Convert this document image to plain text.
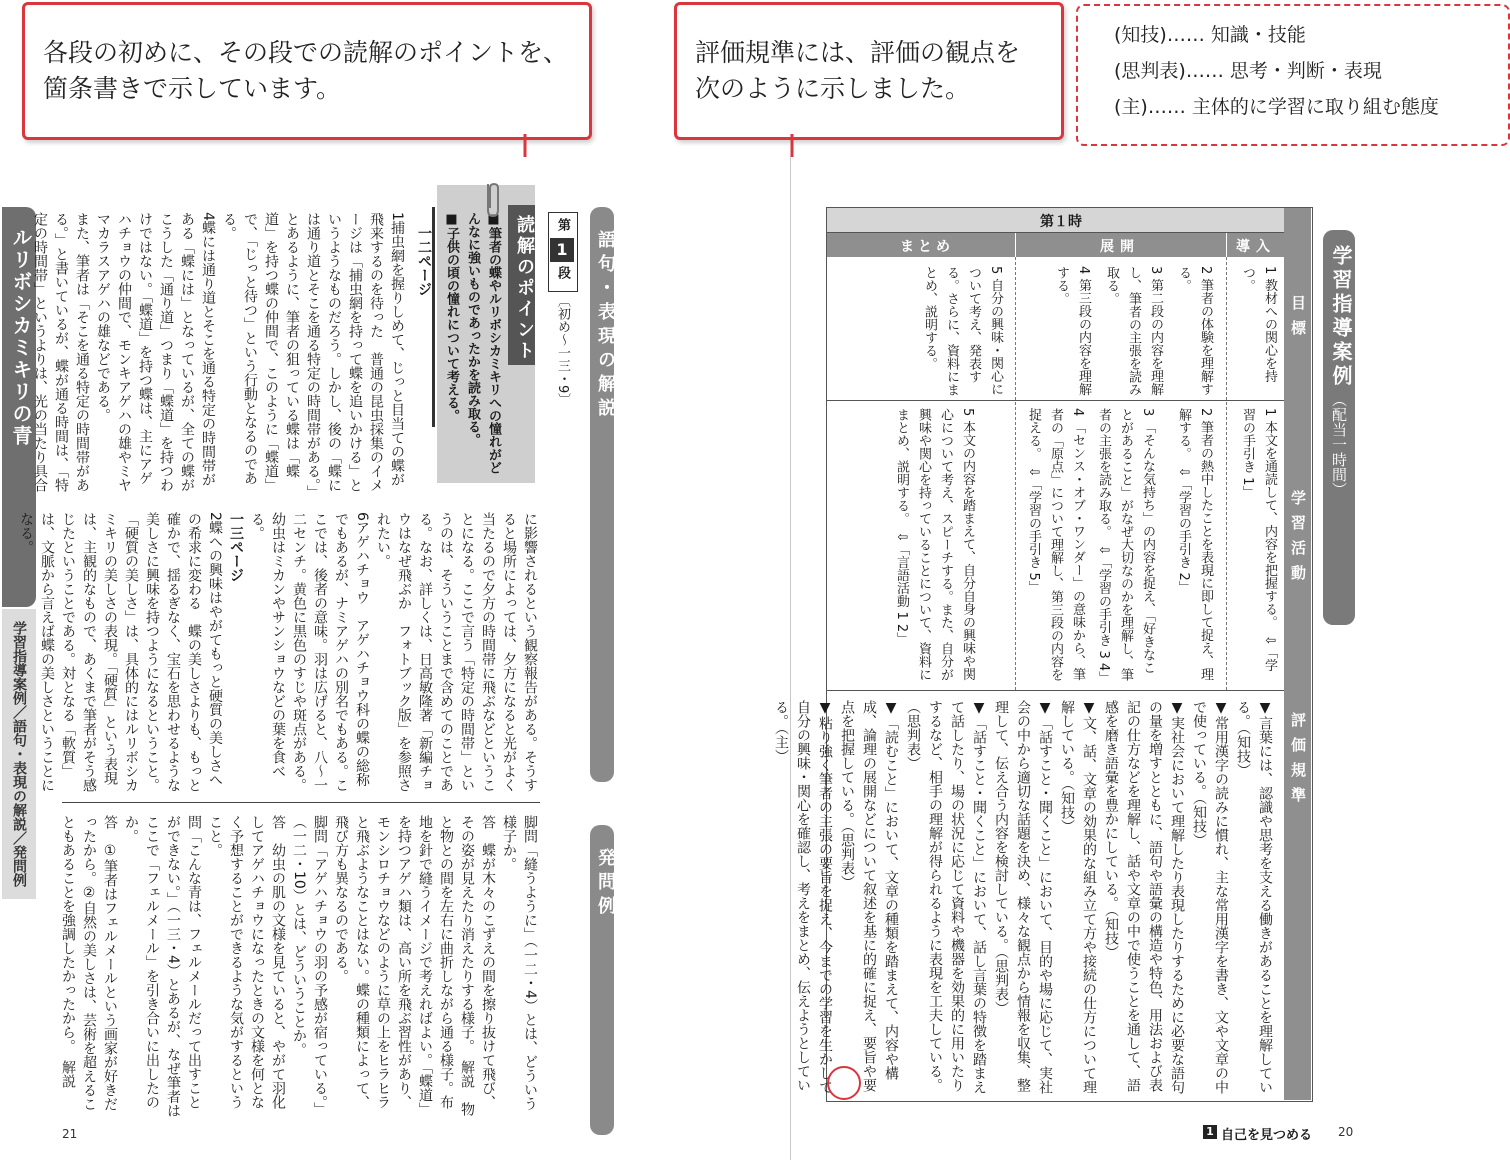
各段の初めに、その段での読解のポイントを、
箇条書きで示しています。
評価規準には、評価の観点を
次のように示しました。
(知技)…… 知識・技能
(思判表)…… 思考・判断・表現
(主)…… 主体的に学習に取り組む態度
ルリボシカミキリの青
学習指導案例／語句・表現の解説／発問例
21
語句・表現の解説
発問例
第
1
段
〔初め〜一三・9〕
読解のポイント
■筆者の蝶やルリボシカミキリへの憧れがどんなに強いものであったかを読み取る。
■子供の頃の憧れについて考える。
一二ページ

1捕虫網を握りしめて、じっと目当ての蝶が飛来するのを待った　普通の昆虫採集のイメージは「捕虫網を持って蝶を追いかける」というようなものだろう。しかし、後の「蝶には通り道とそこを通る特定の時間帯がある。」とあるように、筆者の狙っている蝶は「蝶道」を持つ蝶の仲間で、このように「蝶道」で、「じっと待つ」という行動となるのである。

4蝶には通り道とそこを通る特定の時間帯がある「蝶には」となっているが、全ての蝶がこうした「通り道」つまり「蝶道」を持つわけではない。「蝶道」を持つ蝶は、主にアゲハチョウの仲間で、モンキアゲハの雄やミヤマカラスアゲハの雄などである。

また、筆者は「そこを通る特定の時間帯がある。」と書いているが、蝶が通る時間は、「特定の時間帯」というよりは、光の当たり具合

に影響されるという観察報告がある。そうすると場所によっては、夕方になると光がよく当たるので夕方の時間帯に飛ぶなどということになる。ここで言う「特定の時間帯」というのは、そういうことまで含めてのことである。なお、詳しくは、日高敏隆著「新編チョウはなぜ飛ぶか　フォトブック版」を参照されたい。

6アゲハチョウ　アゲハチョウ科の蝶の総称でもあるが、ナミアゲハの別名でもある。ここでは、後者の意味。羽は広げると、八〜一二センチ。黄色に黒色のすじや斑点がある。幼虫はミカンやサンショウなどの葉を食べる。

一三ページ

2蝶への興味はやがてもっと硬質の美しさへの希求に変わる　蝶の美しさよりも、もっと確かで、揺るぎなく、宝石を思わせるような美しさに興味を持つようになるということ。

「硬質の美しさ」は、具体的にはルリボシカミキリの美しさの表現。「硬質」という表現は、主観的なもので、あくまで筆者がそう感じたということである。対となる「軟質」は、文脈から言えば蝶の美しさということになる。

脚問「縫うように」（一二・4）とは、どういう様子か。

答　蝶が木々のこずえの間を擦り抜けて飛び、その姿が見えたり消えたりする様子。　解説　物と物との間を左右に曲折しながら通る様子。布地を針で縫うイメージで考えればよい。「蝶道」を持つアゲハ類は、高い所を飛ぶ習性があり、モンシロチョウなどのように草の上をヒラヒラと飛ぶようなことはない。蝶の種類によって、飛び方も異なるのである。

脚問「アゲハチョウの羽の予感が宿っている。」（一二・10）とは、どういうことか。

答　幼虫の肌の文様を見ていると、やがて羽化してアゲハチョウになったときの文様を何となく予想することができるような気がするということ。

問「こんな青は、フェルメールだって出すことができない。」（一三・4）とあるが、なぜ筆者はここで「フェルメール」を引き合いに出したのか。

答　①筆者はフェルメールという画家が好きだったから。②自然の美しさは、芸術を超えることもあることを強調したかったから。　解説

学習指導案例
（配当一時間）
第１時
導入
展開
まとめ
目標
学習活動
評価規準
1 教材への関心を持つ。
2 筆者の体験を理解する。
3 第二段の内容を理解し、筆者の主張を読み取る。
4 第三段の内容を理解する。
5 自分の興味・関心について考え、発表する。さらに、資料にまとめ、説明する。
1 本文を通読して、内容を把握する。　⇩「学習の手引き 1」
2 筆者の熱中したことを表現に即して捉え、理解する。　⇩「学習の手引き 2」
3 「そんな気持ち」の内容を捉え、「好きなことがあること」がなぜ大切なのかを理解し、筆者の主張を読み取る。　⇩「学習の手引き 3 4」
4 「センス・オブ・ワンダー」の意味から、筆者の「原点」について理解し、第三段の内容を捉える。　⇩「学習の手引き 5」
5 本文の内容を踏まえて、自分自身の興味や関心について考え、スピーチする。また、自分が興味や関心を持っていることについて、資料にまとめ、説明する。　⇩「言語活動 1 2」
▼言葉には、認識や思考を支える働きがあることを理解している。（知技）
▼常用漢字の読みに慣れ、主な常用漢字を書き、文や文章の中で使っている。（知技）
▼実社会において理解したり表現したりするために必要な語句の量を増すとともに、語句や語彙の構造や特色、用法および表記の仕方などを理解し、話や文章の中で使うことを通して、語感を磨き語彙を豊かにしている。（知技）
▼文、話、文章の効果的な組み立て方や接続の仕方について理解している。（知技）
▼「話すこと・聞くこと」において、目的や場に応じて、実社会の中から適切な話題を決め、様々な観点から情報を収集、整理して、伝え合う内容を検討している。（思判表）
▼「話すこと・聞くこと」において、話し言葉の特徴を踏まえて話したり、場の状況に応じて資料や機器を効果的に用いたりするなど、相手の理解が得られるように表現を工夫している。（思判表）
▼「読むこと」において、文章の種類を踏まえて、内容や構成、論理の展開などについて叙述を基に的確に捉え、要旨や要点を把握している。（思判表）
▼粘り強く筆者の主張の要旨を捉え、今までの学習を生かして自分の興味・関心を確認し、考えをまとめ、伝えようとしている。（主）
1 自己を見つめる 20
